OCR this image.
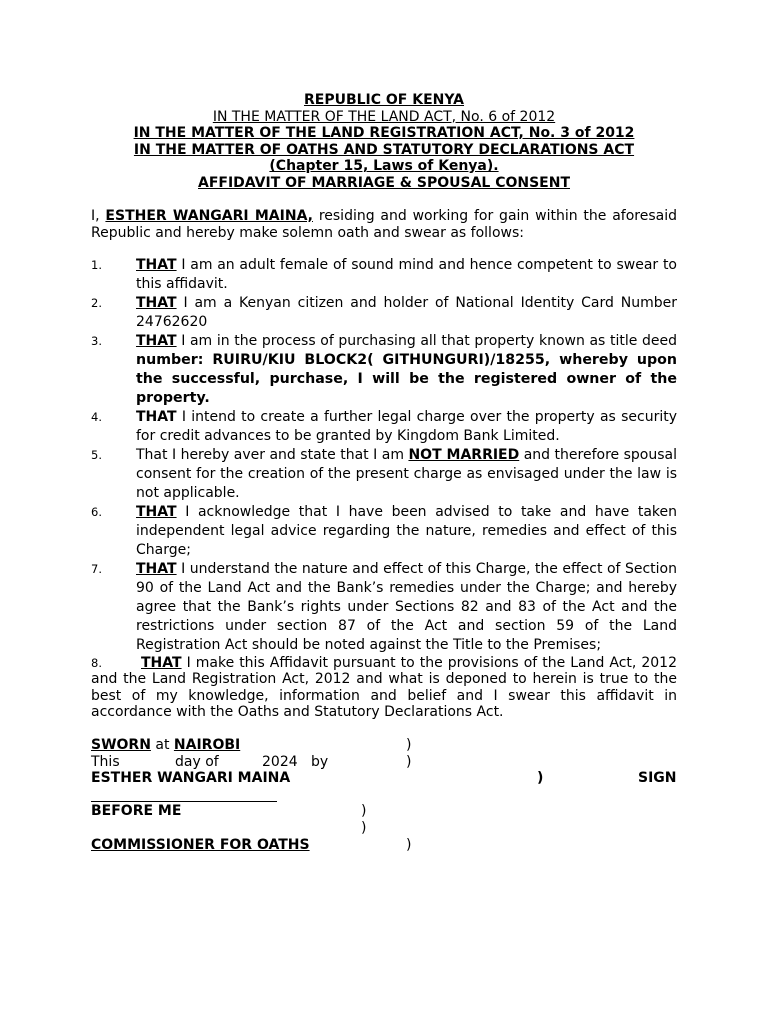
REPUBLIC OF KENYA
IN THE MATTER OF THE LAND ACT, No. 6 of 2012
IN THE MATTER OF THE LAND REGISTRATION ACT, No. 3 of 2012
IN THE MATTER OF OATHS AND STATUTORY DECLARATIONS ACT
(Chapter 15, Laws of Kenya).
AFFIDAVIT OF MARRIAGE & SPOUSAL CONSENT
I, ESTHER WANGARI MAINA, residing and working for gain within the aforesaid Republic and hereby make solemn oath and swear as follows:
1. THAT I am an adult female of sound mind and hence competent to swear to this affidavit.
2. THAT I am a Kenyan citizen and holder of National Identity Card Number 24762620
3. THAT I am in the process of purchasing all that property known as title deed number: RUIRU/KIU BLOCK2( GITHUNGURI)/18255, whereby upon the successful, purchase, I will be the registered owner of the property.
4. THAT I intend to create a further legal charge over the property as security for credit advances to be granted by Kingdom Bank Limited.
5. That I hereby aver and state that I am NOT MARRIED and therefore spousal consent for the creation of the present charge as envisaged under the law is not applicable.
6. THAT I acknowledge that I have been advised to take and have taken independent legal advice regarding the nature, remedies and effect of this Charge;
7. THAT I understand the nature and effect of this Charge, the effect of Section 90 of the Land Act and the Bank’s remedies under the Charge; and hereby agree that the Bank’s rights under Sections 82 and 83 of the Act and the restrictions under section 87 of the Act and section 59 of the Land Registration Act should be noted against the Title to the Premises;
8.	THAT I make this Affidavit pursuant to the provisions of the Land Act, 2012 and the Land Registration Act, 2012 and what is deponed to herein is true to the best of my knowledge, information and belief and I swear this affidavit in accordance with the Oaths and Statutory Declarations Act.
SWORN at NAIROBI	)
This	day of	2024 by	)
ESTHER WANGARI MAINA	)	SIGN
BEFORE ME	)
)
COMMISSIONER FOR OATHS	)
